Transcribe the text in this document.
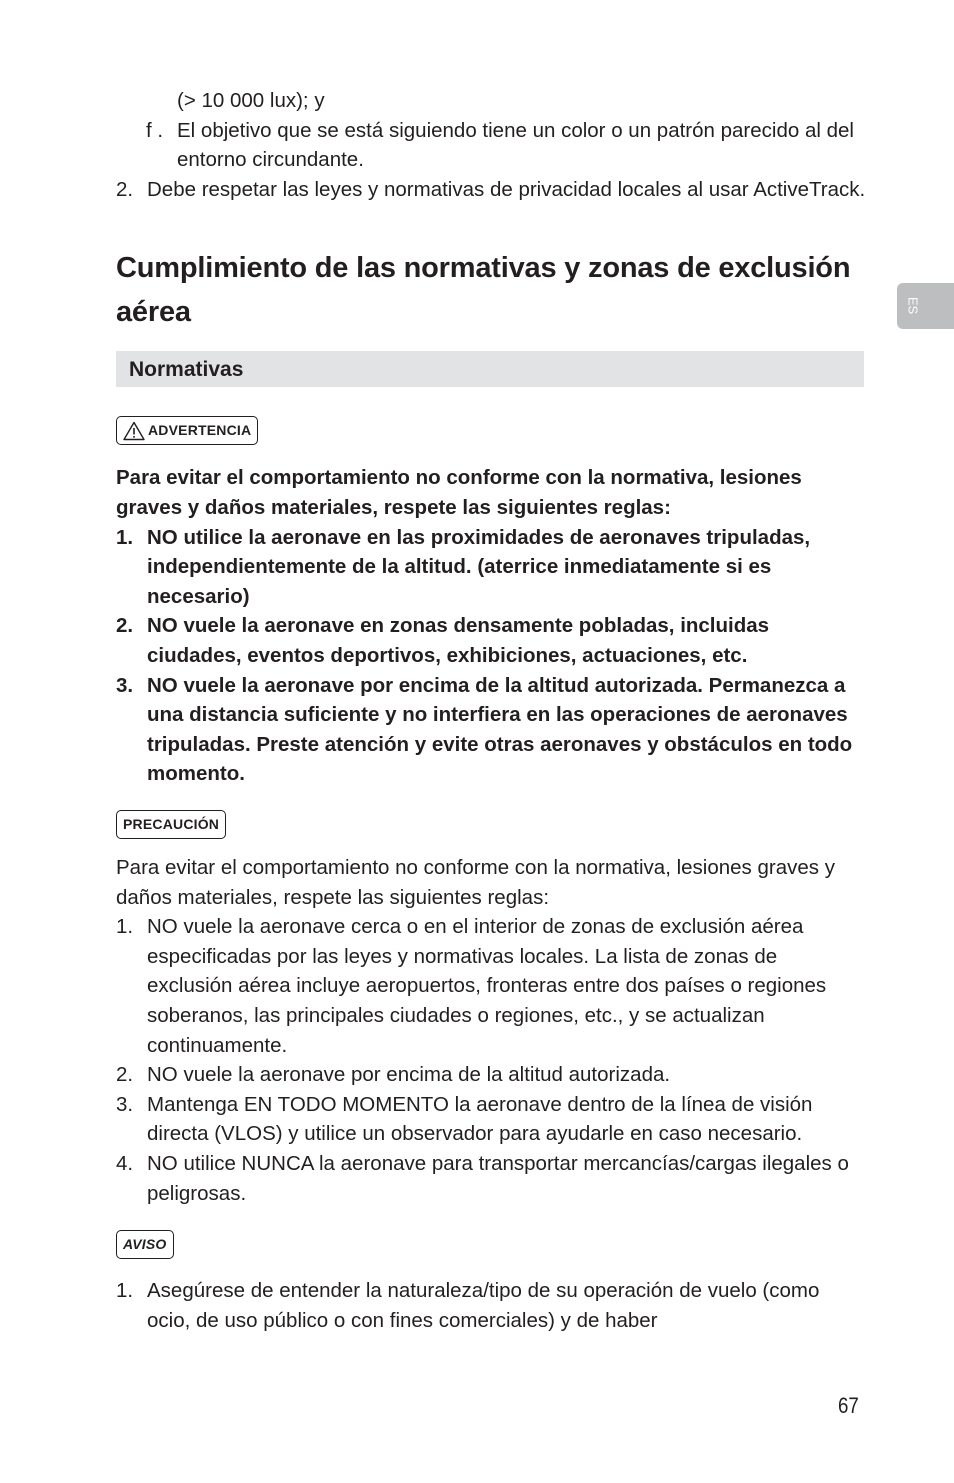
(> 10 000 lux); y
f . El objetivo que se está siguiendo tiene un color o un patrón parecido al del entorno circundante.
2. Debe respetar las leyes y normativas de privacidad locales al usar ActiveTrack.
Cumplimiento de las normativas y zonas de exclusión aérea
Normativas
ADVERTENCIA
Para evitar el comportamiento no conforme con la normativa, lesiones graves y daños materiales, respete las siguientes reglas:
1. NO utilice la aeronave en las proximidades de aeronaves tripuladas, independientemente de la altitud. (aterrice inmediatamente si es necesario)
2. NO vuele la aeronave en zonas densamente pobladas, incluidas ciudades, eventos deportivos, exhibiciones, actuaciones, etc.
3. NO vuele la aeronave por encima de la altitud autorizada. Permanezca a una distancia suficiente y no interfiera en las operaciones de aeronaves tripuladas. Preste atención y evite otras aeronaves y obstáculos en todo momento.
PRECAUCIÓN
Para evitar el comportamiento no conforme con la normativa, lesiones graves y daños materiales, respete las siguientes reglas:
1. NO vuele la aeronave cerca o en el interior de zonas de exclusión aérea especificadas por las leyes y normativas locales. La lista de zonas de exclusión aérea incluye aeropuertos, fronteras entre dos países o regiones soberanos, las principales ciudades o regiones, etc., y se actualizan continuamente.
2. NO vuele la aeronave por encima de la altitud autorizada.
3. Mantenga EN TODO MOMENTO la aeronave dentro de la línea de visión directa (VLOS) y utilice un observador para ayudarle en caso necesario.
4. NO utilice NUNCA la aeronave para transportar mercancías/cargas ilegales o peligrosas.
AVISO
1. Asegúrese de entender la naturaleza/tipo de su operación de vuelo (como ocio, de uso público o con fines comerciales) y de haber
ES
67
